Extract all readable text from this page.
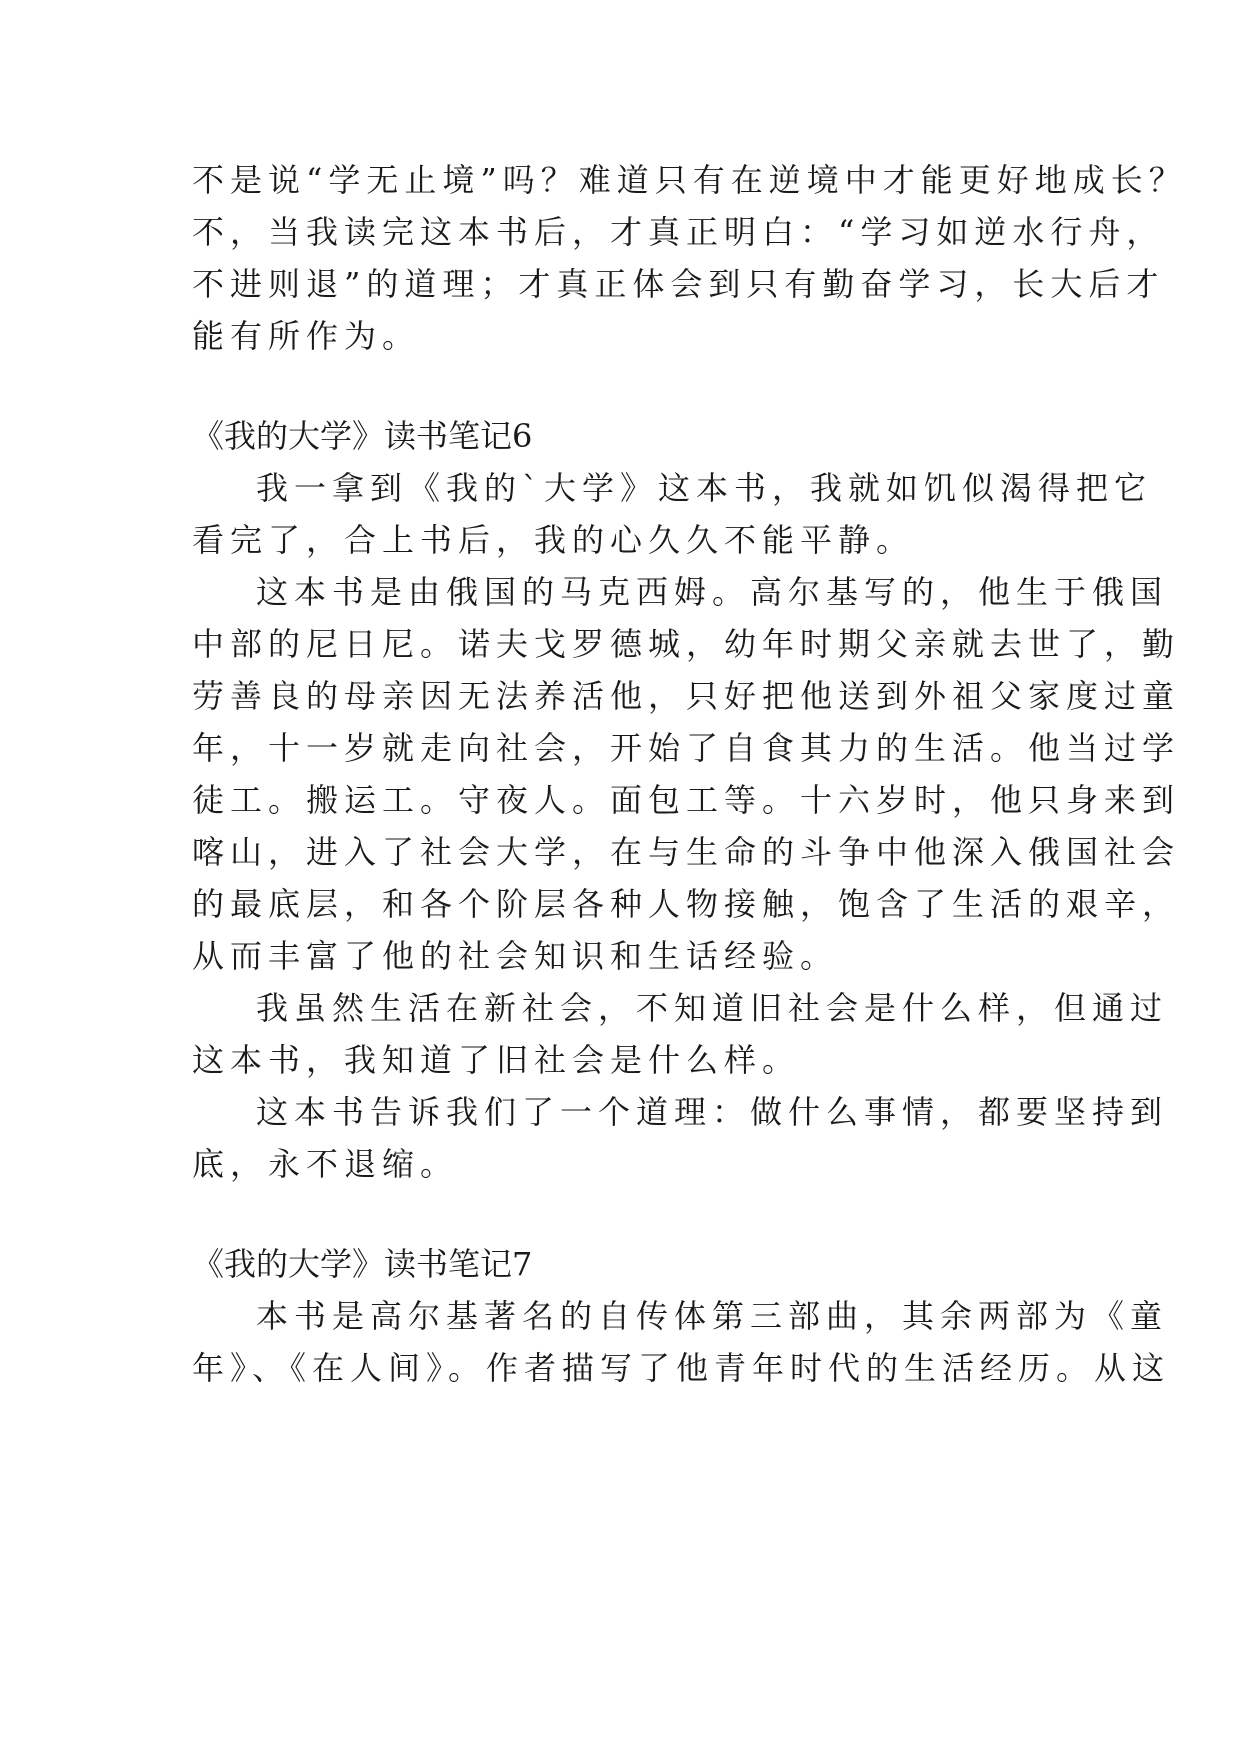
不是说“学无止境”吗？难道只有在逆境中才能更好地成长？
不，当我读完这本书后，才真正明白：“学习如逆水行舟，
不进则退”的道理；才真正体会到只有勤奋学习，长大后才
能有所作为。
《我的大学》读书笔记6
我一拿到《我的`大学》这本书，我就如饥似渴得把它
看完了，合上书后，我的心久久不能平静。
这本书是由俄国的马克西姆。高尔基写的，他生于俄国
中部的尼日尼。诺夫戈罗德城，幼年时期父亲就去世了，勤
劳善良的母亲因无法养活他，只好把他送到外祖父家度过童
年，十一岁就走向社会，开始了自食其力的生活。他当过学
徒工。搬运工。守夜人。面包工等。十六岁时，他只身来到
喀山，进入了社会大学，在与生命的斗争中他深入俄国社会
的最底层，和各个阶层各种人物接触，饱含了生活的艰辛，
从而丰富了他的社会知识和生话经验。
我虽然生活在新社会，不知道旧社会是什么样，但通过
这本书，我知道了旧社会是什么样。
这本书告诉我们了一个道理：做什么事情，都要坚持到
底，永不退缩。
《我的大学》读书笔记7
本书是高尔基著名的自传体第三部曲，其余两部为《童
年》、《在人间》。作者描写了他青年时代的生活经历。从这
